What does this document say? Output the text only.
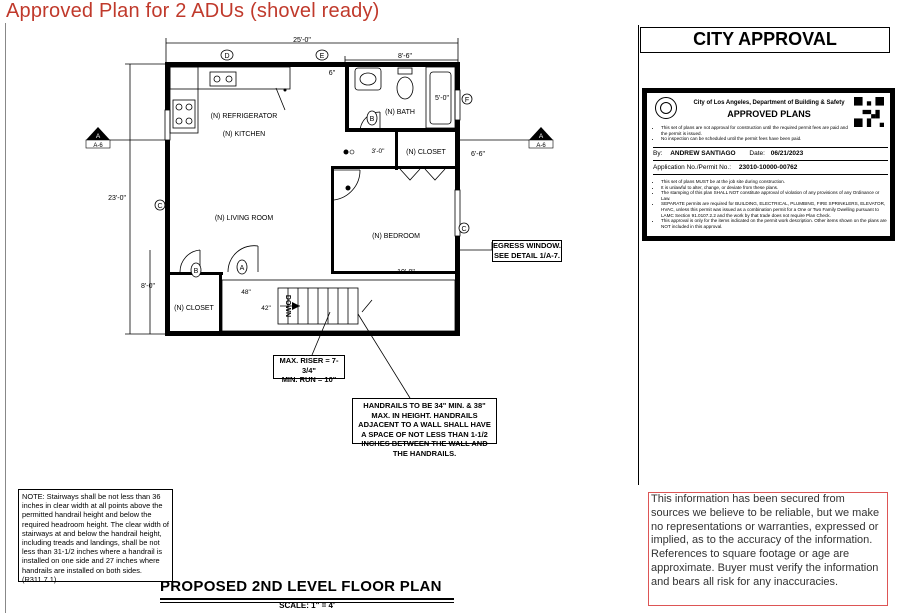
Approved Plan for 2 ADUs (shovel ready)
25'-0"
8'-6"
6"
23'-0"
8'-0"
DOWN
48"
42"
10'-0"
3'-0"	6'-6"
5'-0"
(N) REFRIGERATOR
(N) KITCHEN
(N) BATH
(N) CLOSET
(N) LIVING ROOM
(N) BEDROOM
(N) CLOSET
D	E
F
C
C
B
B	A
A
A-6
A
A-6
EGRESS WINDOW.
SEE DETAIL 1/A-7.
MAX. RISER = 7-3/4"
MIN. RUN = 10"
HANDRAILS TO BE 34" MIN. & 38" MAX. IN HEIGHT. HANDRAILS ADJACENT TO A WALL SHALL HAVE A SPACE OF NOT LESS THAN 1-1/2 INCHES BETWEEN THE WALL AND THE HANDRAILS.
NOTE: Stairways shall be not less than 36 inches in clear width at all points above the permitted handrail height and below the required headroom height. The clear width of stairways at and below the handrail height, including treads and landings, shall be not less than 31-1/2 inches where a handrail is installed on one side and 27 inches where handrails are installed on both sides. (R311.7.1)	PROPOSED 2ND LEVEL FLOOR PLAN
SCALE: 1" = 4'
CITY APPROVAL
City of Los Angeles, Department of Building & Safety
APPROVED PLANS
• This set of plans are not approval for construction until the required permit fees are paid and the permit is issued.
• No inspection can be scheduled until the permit fees have been paid.
By: ANDREW SANTIAGO Date: 06/21/2023
Application No./Permit No.: 23010-10000-00762
• This set of plans MUST be at the job site during construction.
• It is unlawful to alter, change, or deviate from these plans.
• The stamping of this plan SHALL NOT constitute approval of violation of any provisions of any Ordinance or Law.
• SEPARATE permits are required for BUILDING, ELECTRICAL, PLUMBING, FIRE SPRINKLERS, ELEVATOR, HVAC, unless this permit was issued as a combination permit for a One or Two Family Dwelling pursuant to LAMC Section 91.0107.2.2 and the work by that trade does not require Plan Check.
• This approval is only for the items indicated on the permit work description. Other items shown on the plans are NOT included in this approval.
This information has been secured from sources we believe to be reliable, but we make no representations or warranties, expressed or implied, as to the accuracy of the information. References to square footage or age are approximate. Buyer must verify the information and bears all risk for any inaccuracies.
